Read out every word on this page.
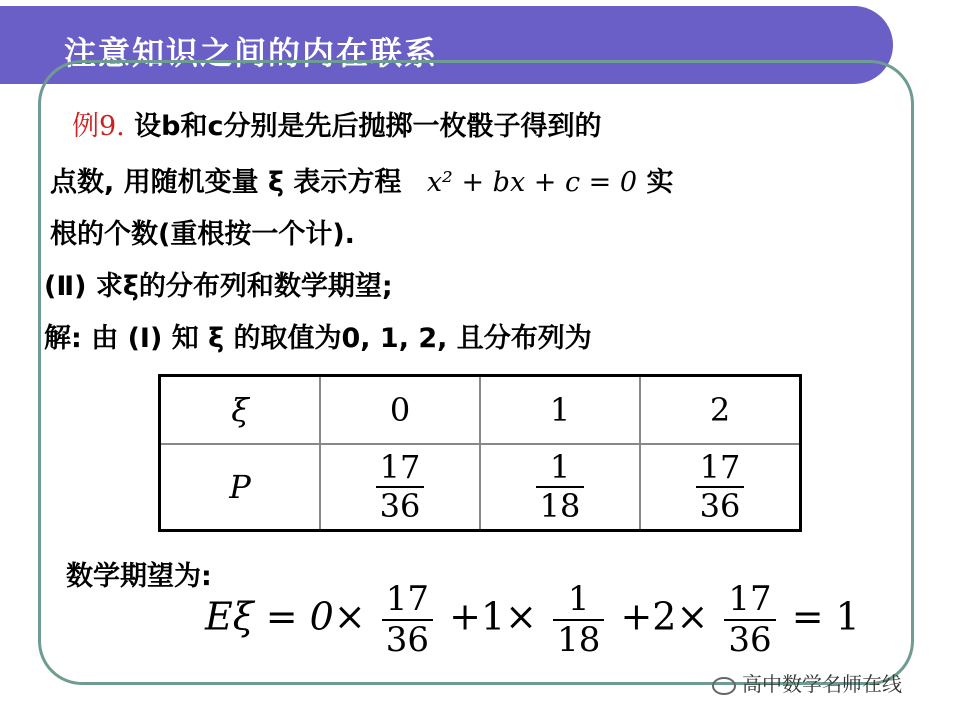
注意知识之间的内在联系
例9. 设b和c分别是先后抛掷一枚骰子得到的
点数, 用随机变量 ξ 表示方程 x² + bx + c = 0 实
根的个数(重根按一个计).
(Ⅱ) 求ξ的分布列和数学期望;
解: 由 (Ⅰ) 知 ξ 的取值为0, 1, 2, 且分布列为
ξ	0	1	2
P	$\frac{17}{36}$	$\frac{1}{18}$	$\frac{17}{36}$
数学期望为:
$E\xi = 0\times \frac{17}{36} +1\times \frac{1}{18} +2\times \frac{17}{36} = 1$
高中数学名师在线
